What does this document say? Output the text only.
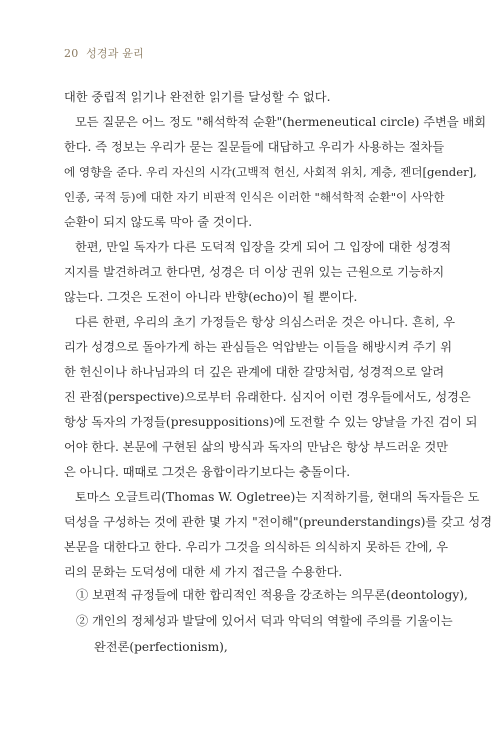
20 성경과 윤리

대한 중립적 읽기나 완전한 읽기를 달성할 수 없다.

모든 질문은 어느 정도 "해석학적 순환"(hermeneutical circle) 주변을 배회
한다. 즉 정보는 우리가 묻는 질문들에 대답하고 우리가 사용하는 절차들
에 영향을 준다. 우리 자신의 시각(고백적 헌신, 사회적 위치, 계층, 젠더[gender],
인종, 국적 등)에 대한 자기 비판적 인식은 이러한 "해석학적 순환"이 사악한
순환이 되지 않도록 막아 줄 것이다.

한편, 만일 독자가 다른 도덕적 입장을 갖게 되어 그 입장에 대한 성경적
지지를 발견하려고 한다면, 성경은 더 이상 권위 있는 근원으로 기능하지
않는다. 그것은 도전이 아니라 반향(echo)이 될 뿐이다.

다른 한편, 우리의 초기 가정들은 항상 의심스러운 것은 아니다. 흔히, 우
리가 성경으로 돌아가게 하는 관심들은 억압받는 이들을 해방시켜 주기 위
한 헌신이나 하나님과의 더 깊은 관계에 대한 갈망처럼, 성경적으로 알려
진 관점(perspective)으로부터 유래한다. 심지어 이런 경우들에서도, 성경은
항상 독자의 가정들(presuppositions)에 도전할 수 있는 양날을 가진 검이 되
어야 한다. 본문에 구현된 삶의 방식과 독자의 만남은 항상 부드러운 것만
은 아니다. 때때로 그것은 융합이라기보다는 충돌이다.

토마스 오글트리(Thomas W. Ogletree)는 지적하기를, 현대의 독자들은 도
덕성을 구성하는 것에 관한 몇 가지 "전이해"(preunderstandings)를 갖고 성경
본문을 대한다고 한다. 우리가 그것을 의식하든 의식하지 못하든 간에, 우
리의 문화는 도덕성에 대한 세 가지 접근을 수용한다.

① 보편적 규정들에 대한 합리적인 적용을 강조하는 의무론(deontology),
② 개인의 정체성과 발달에 있어서 덕과 악덕의 역할에 주의를 기울이는
완전론(perfectionism),
